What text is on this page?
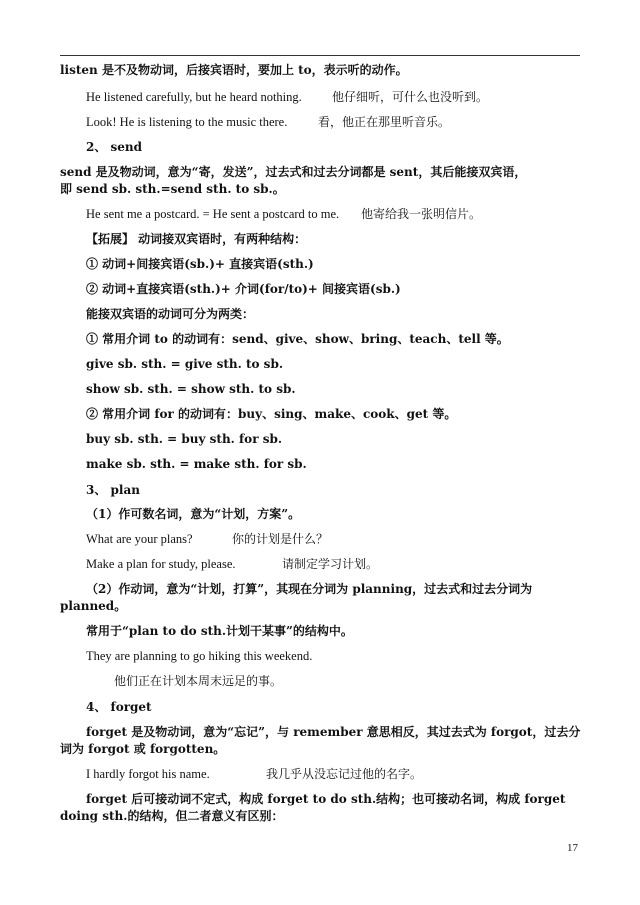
listen 是不及物动词，后接宾语时，要加上 to，表示听的动作。
He listened carefully, but he heard nothing.	他仔细听，可什么也没听到。
Look! He is listening to the music there.	看，他正在那里听音乐。
2、 send
send 是及物动词，意为“寄，发送”，过去式和过去分词都是 sent，其后能接双宾语，
即 send sb. sth.=send sth. to sb.。
He sent me a postcard. = He sent a postcard to me. 他寄给我一张明信片。
【拓展】 动词接双宾语时，有两种结构：
① 动词+间接宾语(sb.)+ 直接宾语(sth.)
② 动词+直接宾语(sth.)+ 介词(for/to)+ 间接宾语(sb.)
能接双宾语的动词可分为两类：
① 常用介词 to 的动词有：send、give、show、bring、teach、tell 等。
give sb. sth. = give sth. to sb.
show sb. sth. = show sth. to sb.
② 常用介词 for 的动词有：buy、sing、make、cook、get 等。
buy sb. sth. = buy sth. for sb.
make sb. sth. = make sth. for sb.
3、 plan
（1）作可数名词，意为“计划，方案”。
What are your plans?	你的计划是什么？
Make a plan for study, please.	请制定学习计划。
（2）作动词，意为“计划，打算”，其现在分词为 planning，过去式和过去分词为
planned。
常用于“plan to do sth.计划干某事”的结构中。
They are planning to go hiking this weekend.
他们正在计划本周末远足的事。
4、 forget
forget 是及物动词，意为“忘记”，与 remember 意思相反，其过去式为 forgot，过去分
词为 forgot 或 forgotten。
I hardly forgot his name.	我几乎从没忘记过他的名字。
forget 后可接动词不定式，构成 forget to do sth.结构；也可接动名词，构成 forget
doing sth.的结构，但二者意义有区别：
17
